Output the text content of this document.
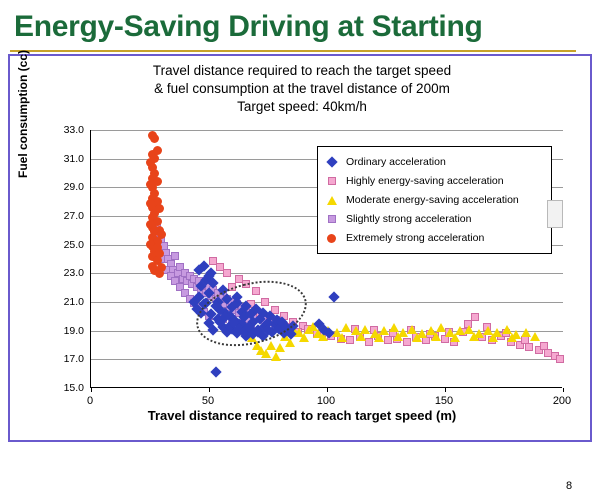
Energy-Saving Driving at Starting
Travel distance required to reach the target speed
& fuel consumption at the travel distance of 200m
Target speed: 40km/h
Fuel consumption (cc)
Travel distance required to reach target speed (m)
Ordinary acceleration
Highly energy-saving acceleration
Moderate energy-saving acceleration
Slightly strong acceleration
Extremely strong acceleration
8
15.0
17.0
19.0
21.0
23.0
25.0
27.0
29.0
31.0
33.0
0	50	100	150	200
